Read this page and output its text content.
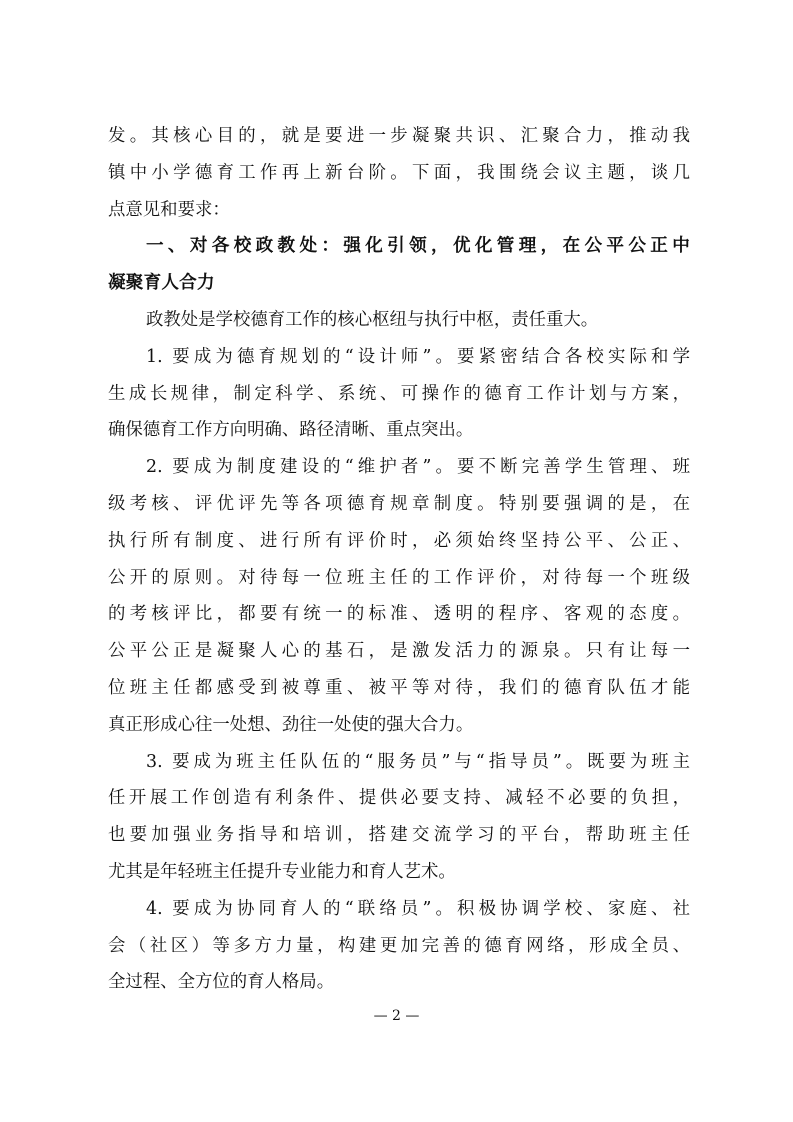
发。其核心目的，就是要进一步凝聚共识、汇聚合力，推动我
镇中小学德育工作再上新台阶。下面，我围绕会议主题，谈几
点意见和要求：
一、对各校政教处：强化引领，优化管理，在公平公正中
凝聚育人合力
政教处是学校德育工作的核心枢纽与执行中枢，责任重大。
1. 要成为德育规划的“设计师”。要紧密结合各校实际和学
生成长规律，制定科学、系统、可操作的德育工作计划与方案，
确保德育工作方向明确、路径清晰、重点突出。
2. 要成为制度建设的“维护者”。要不断完善学生管理、班
级考核、评优评先等各项德育规章制度。特别要强调的是，在
执行所有制度、进行所有评价时，必须始终坚持公平、公正、
公开的原则。对待每一位班主任的工作评价，对待每一个班级
的考核评比，都要有统一的标准、透明的程序、客观的态度。
公平公正是凝聚人心的基石，是激发活力的源泉。只有让每一
位班主任都感受到被尊重、被平等对待，我们的德育队伍才能
真正形成心往一处想、劲往一处使的强大合力。
3. 要成为班主任队伍的“服务员”与“指导员”。既要为班主
任开展工作创造有利条件、提供必要支持、减轻不必要的负担，
也要加强业务指导和培训，搭建交流学习的平台，帮助班主任
尤其是年轻班主任提升专业能力和育人艺术。
4. 要成为协同育人的“联络员”。积极协调学校、家庭、社
会（社区）等多方力量，构建更加完善的德育网络，形成全员、
全过程、全方位的育人格局。
— 2 —
